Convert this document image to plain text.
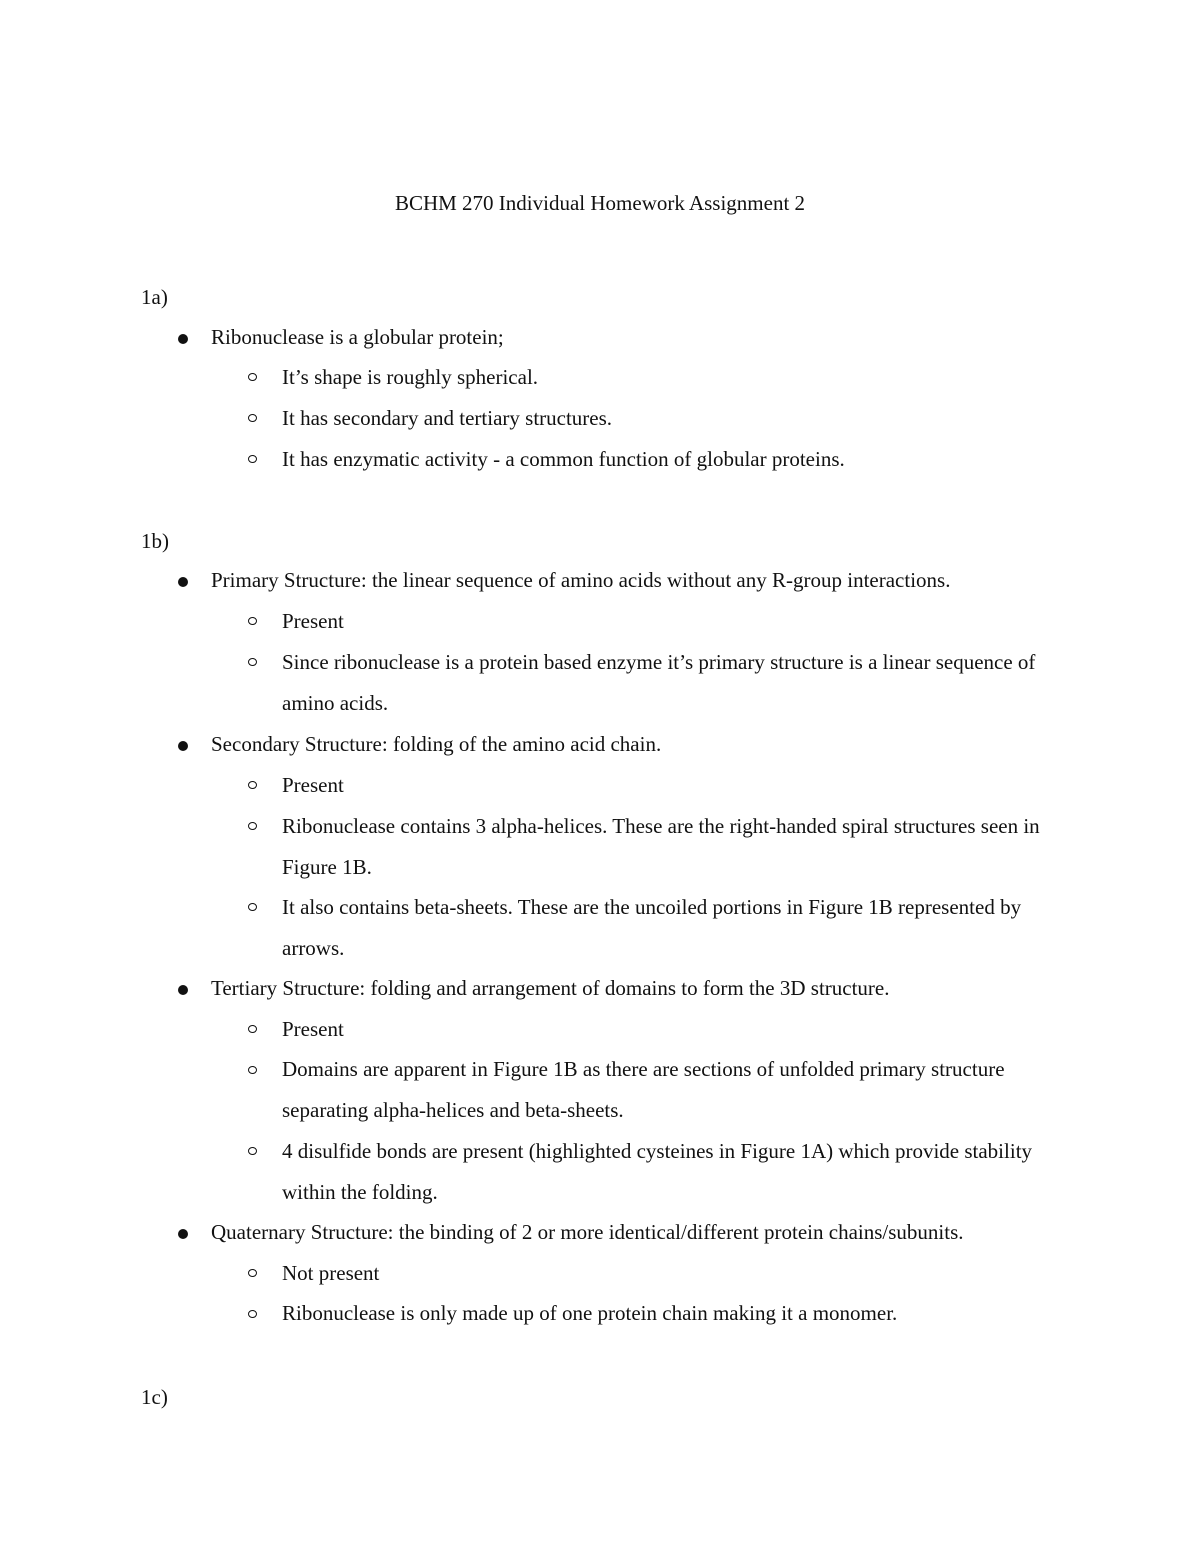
BCHM 270 Individual Homework Assignment 2

1a)

Ribonuclease is a globular protein;

It’s shape is roughly spherical.

It has secondary and tertiary structures.

It has enzymatic activity - a common function of globular proteins.

1b)

Primary Structure: the linear sequence of amino acids without any R-group interactions.

Present

Since ribonuclease is a protein based enzyme it’s primary structure is a linear sequence of amino acids.

Secondary Structure: folding of the amino acid chain.

Present

Ribonuclease contains 3 alpha-helices. These are the right-handed spiral structures seen in Figure 1B.

It also contains beta-sheets. These are the uncoiled portions in Figure 1B represented by arrows.

Tertiary Structure: folding and arrangement of domains to form the 3D structure.

Present

Domains are apparent in Figure 1B as there are sections of unfolded primary structure separating alpha-helices and beta-sheets.

4 disulfide bonds are present (highlighted cysteines in Figure 1A) which provide stability within the folding.

Quaternary Structure: the binding of 2 or more identical/different protein chains/subunits.

Not present

Ribonuclease is only made up of one protein chain making it a monomer.

1c)
